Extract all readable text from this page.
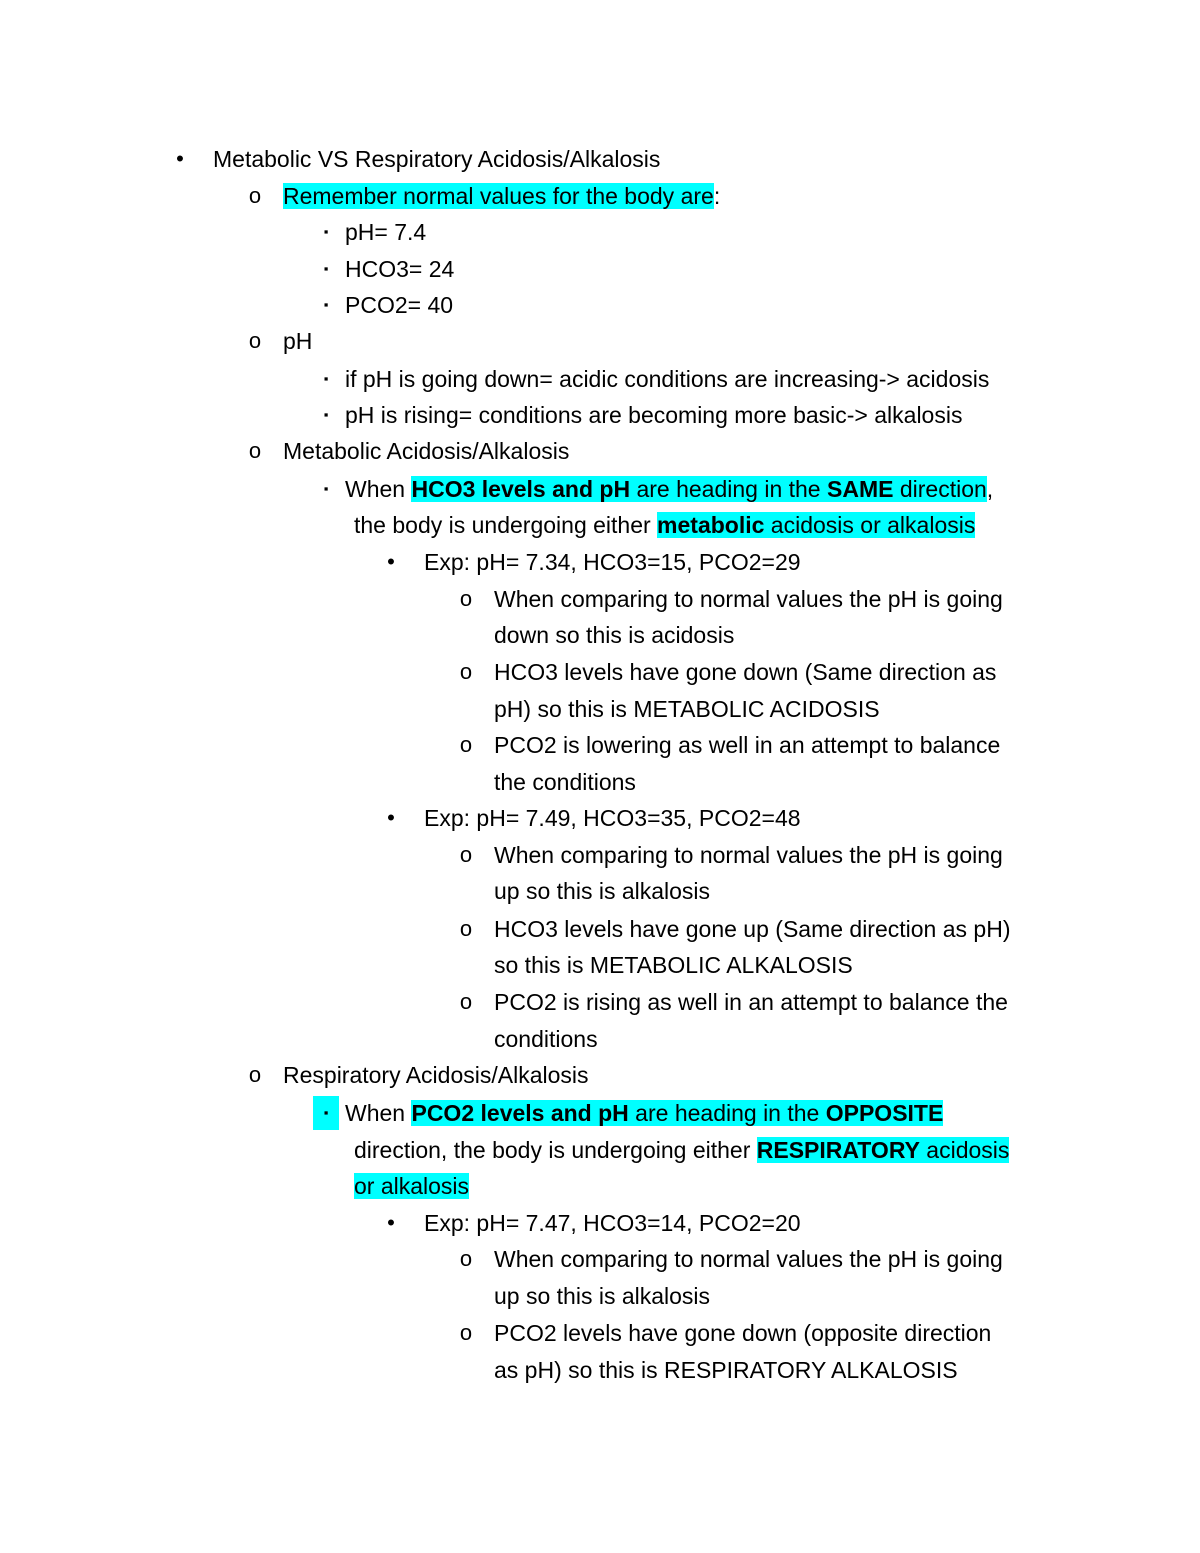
• Metabolic VS Respiratory Acidosis/Alkalosis
o Remember normal values for the body are:
▪ pH= 7.4
▪ HCO3= 24
▪ PCO2= 40
o pH
▪ if pH is going down= acidic conditions are increasing-> acidosis
▪ pH is rising= conditions are becoming more basic-> alkalosis
o Metabolic Acidosis/Alkalosis
▪ When HCO3 levels and pH are heading in the SAME direction,
the body is undergoing either metabolic acidosis or alkalosis
• Exp: pH= 7.34, HCO3=15, PCO2=29
o When comparing to normal values the pH is going
down so this is acidosis
o HCO3 levels have gone down (Same direction as
pH) so this is METABOLIC ACIDOSIS
o PCO2 is lowering as well in an attempt to balance
the conditions
• Exp: pH= 7.49, HCO3=35, PCO2=48
o When comparing to normal values the pH is going
up so this is alkalosis
o HCO3 levels have gone up (Same direction as pH)
so this is METABOLIC ALKALOSIS
o PCO2 is rising as well in an attempt to balance the
conditions
o Respiratory Acidosis/Alkalosis
▪ When PCO2 levels and pH are heading in the OPPOSITE
direction, the body is undergoing either RESPIRATORY acidosis
or alkalosis
• Exp: pH= 7.47, HCO3=14, PCO2=20
o When comparing to normal values the pH is going
up so this is alkalosis
o PCO2 levels have gone down (opposite direction
as pH) so this is RESPIRATORY ALKALOSIS
